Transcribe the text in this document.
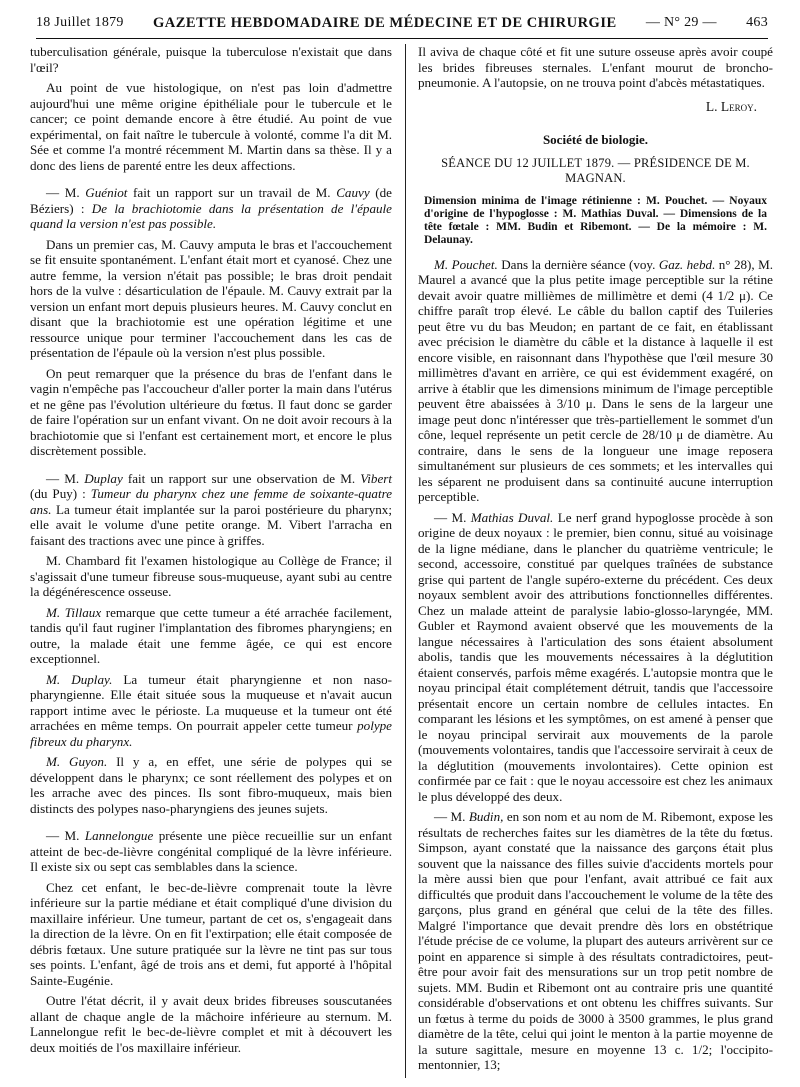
18 Juillet 1879 GAZETTE HEBDOMADAIRE DE MÉDECINE ET DE CHIRURGIE — N° 29 — 463

tuberculisation générale, puisque la tuberculose n'existait que dans l'œil?

Au point de vue histologique, on n'est pas loin d'admettre aujourd'hui une même origine épithéliale pour le tubercule et le cancer; ce point demande encore à être étudié. Au point de vue expérimental, on fait naître le tubercule à volonté, comme l'a dit M. Sée et comme l'a montré récemment M. Martin dans sa thèse. Il y a donc des liens de parenté entre les deux affections.

— M. Guéniot fait un rapport sur un travail de M. Cauvy (de Béziers) : De la brachiotomie dans la présentation de l'épaule quand la version n'est pas possible.

Dans un premier cas, M. Cauvy amputa le bras et l'accouchement se fit ensuite spontanément. L'enfant était mort et cyanosé. Chez une autre femme, la version n'était pas possible; le bras droit pendait hors de la vulve : désarticulation de l'épaule. M. Cauvy extrait par la version un enfant mort depuis plusieurs heures. M. Cauvy conclut en disant que la brachiotomie est une opération légitime et une ressource unique pour terminer l'accouchement dans les cas de présentation de l'épaule où la version n'est plus possible.

On peut remarquer que la présence du bras de l'enfant dans le vagin n'empêche pas l'accoucheur d'aller porter la main dans l'utérus et ne gêne pas l'évolution ultérieure du fœtus. Il faut donc se garder de faire l'opération sur un enfant vivant. On ne doit avoir recours à la brachiotomie que si l'enfant est certainement mort, et encore le plus discrètement possible.

— M. Duplay fait un rapport sur une observation de M. Vibert (du Puy) : Tumeur du pharynx chez une femme de soixante-quatre ans. La tumeur était implantée sur la paroi postérieure du pharynx; elle avait le volume d'une petite orange. M. Vibert l'arracha en faisant des tractions avec une pince à griffes.

M. Chambard fit l'examen histologique au Collège de France; il s'agissait d'une tumeur fibreuse sous-muqueuse, ayant subi au centre la dégénérescence osseuse.

M. Tillaux remarque que cette tumeur a été arrachée facilement, tandis qu'il faut ruginer l'implantation des fibromes pharyngiens; en outre, la malade était une femme âgée, ce qui est encore exceptionnel.

M. Duplay. La tumeur était pharyngienne et non naso-pharyngienne. Elle était située sous la muqueuse et n'avait aucun rapport intime avec le périoste. La muqueuse et la tumeur ont été arrachées en même temps. On pourrait appeler cette tumeur polype fibreux du pharynx.

M. Guyon. Il y a, en effet, une série de polypes qui se développent dans le pharynx; ce sont réellement des polypes et on les arrache avec des pinces. Ils sont fibro-muqueux, mais bien distincts des polypes naso-pharyngiens des jeunes sujets.

— M. Lannelongue présente une pièce recueillie sur un enfant atteint de bec-de-lièvre congénital compliqué de la lèvre inférieure. Il existe six ou sept cas semblables dans la science.

Chez cet enfant, le bec-de-lièvre comprenait toute la lèvre inférieure sur la partie médiane et était compliqué d'une division du maxillaire inférieur. Une tumeur, partant de cet os, s'engageait dans la direction de la lèvre. On en fit l'extirpation; elle était composée de débris fœtaux. Une suture pratiquée sur la lèvre ne tint pas sur tous ses points. L'enfant, âgé de trois ans et demi, fut apporté à l'hôpital Sainte-Eugénie.

Outre l'état décrit, il y avait deux brides fibreuses souscutanées allant de chaque angle de la mâchoire inférieure au sternum. M. Lannelongue refit le bec-de-lièvre complet et mit à découvert les deux moitiés de l'os maxillaire inférieur.

Il aviva de chaque côté et fit une suture osseuse après avoir coupé les brides fibreuses sternales. L'enfant mourut de broncho-pneumonie. A l'autopsie, on ne trouva point d'abcès métastatiques.

L. Leroy.
Société de biologie.
SÉANCE DU 12 JUILLET 1879. — PRÉSIDENCE DE M. MAGNAN.
Dimension minima de l'image rétinienne : M. Pouchet. — Noyaux d'origine de l'hypoglosse : M. Mathias Duval. — Dimensions de la tête fœtale : MM. Budin et Ribemont. — De la mémoire : M. Delaunay.

M. Pouchet. Dans la dernière séance (voy. Gaz. hebd. n° 28), M. Maurel a avancé que la plus petite image perceptible sur la rétine devait avoir quatre millièmes de millimètre et demi (4 1/2 μ). Ce chiffre paraît trop élevé. Le câble du ballon captif des Tuileries peut être vu du bas Meudon; en partant de ce fait, en établissant avec précision le diamètre du câble et la distance à laquelle il est encore visible, en raisonnant dans l'hypothèse que l'œil mesure 30 millimètres d'avant en arrière, ce qui est évidemment exagéré, on arrive à établir que les dimensions minimum de l'image perceptible peuvent être abaissées à 3/10 μ. Dans le sens de la largeur une image peut donc n'intéresser que très-partiellement le sommet d'un cône, lequel représente un petit cercle de 28/10 μ de diamètre. Au contraire, dans le sens de la longueur une image reposera simultanément sur plusieurs de ces sommets; et les intervalles qui les séparent ne produisent dans sa continuité aucune interruption perceptible.

— M. Mathias Duval. Le nerf grand hypoglosse procède à son origine de deux noyaux : le premier, bien connu, situé au voisinage de la ligne médiane, dans le plancher du quatrième ventricule; le second, accessoire, constitué par quelques traînées de substance grise qui partent de l'angle supéro-externe du précédent. Ces deux noyaux semblent avoir des attributions fonctionnelles différentes. Chez un malade atteint de paralysie labio-glosso-laryngée, MM. Gubler et Raymond avaient observé que les mouvements de la langue nécessaires à l'articulation des sons étaient absolument abolis, tandis que les mouvements nécessaires à la déglutition étaient conservés, parfois même exagérés. L'autopsie montra que le noyau principal était complétement détruit, tandis que l'accessoire présentait encore un certain nombre de cellules intactes. En comparant les lésions et les symptômes, on est amené à penser que le noyau principal servirait aux mouvements de la parole (mouvements volontaires, tandis que l'accessoire servirait à ceux de la déglutition (mouvements involontaires). Cette opinion est confirmée par ce fait : que le noyau accessoire est chez les animaux le plus développé des deux.

— M. Budin, en son nom et au nom de M. Ribemont, expose les résultats de recherches faites sur les diamètres de la tête du fœtus. Simpson, ayant constaté que la naissance des garçons était plus souvent que la naissance des filles suivie d'accidents mortels pour la mère aussi bien que pour l'enfant, avait attribué ce fait aux difficultés que produit dans l'accouchement le volume de la tête des garçons, plus grand en général que celui de la tête des filles. Malgré l'importance que devait prendre dès lors en obstétrique l'étude précise de ce volume, la plupart des auteurs arrivèrent sur ce point en apparence si simple à des résultats contradictoires, peut-être pour avoir fait des mensurations sur un trop petit nombre de sujets. MM. Budin et Ribemont ont au contraire pris une quantité considérable d'observations et ont obtenu les chiffres suivants. Sur un fœtus à terme du poids de 3000 à 3500 grammes, le plus grand diamètre de la tête, celui qui joint le menton à la partie moyenne de la suture sagittale, mesure en moyenne 13 c. 1/2; l'occipito-mentonnier, 13;
